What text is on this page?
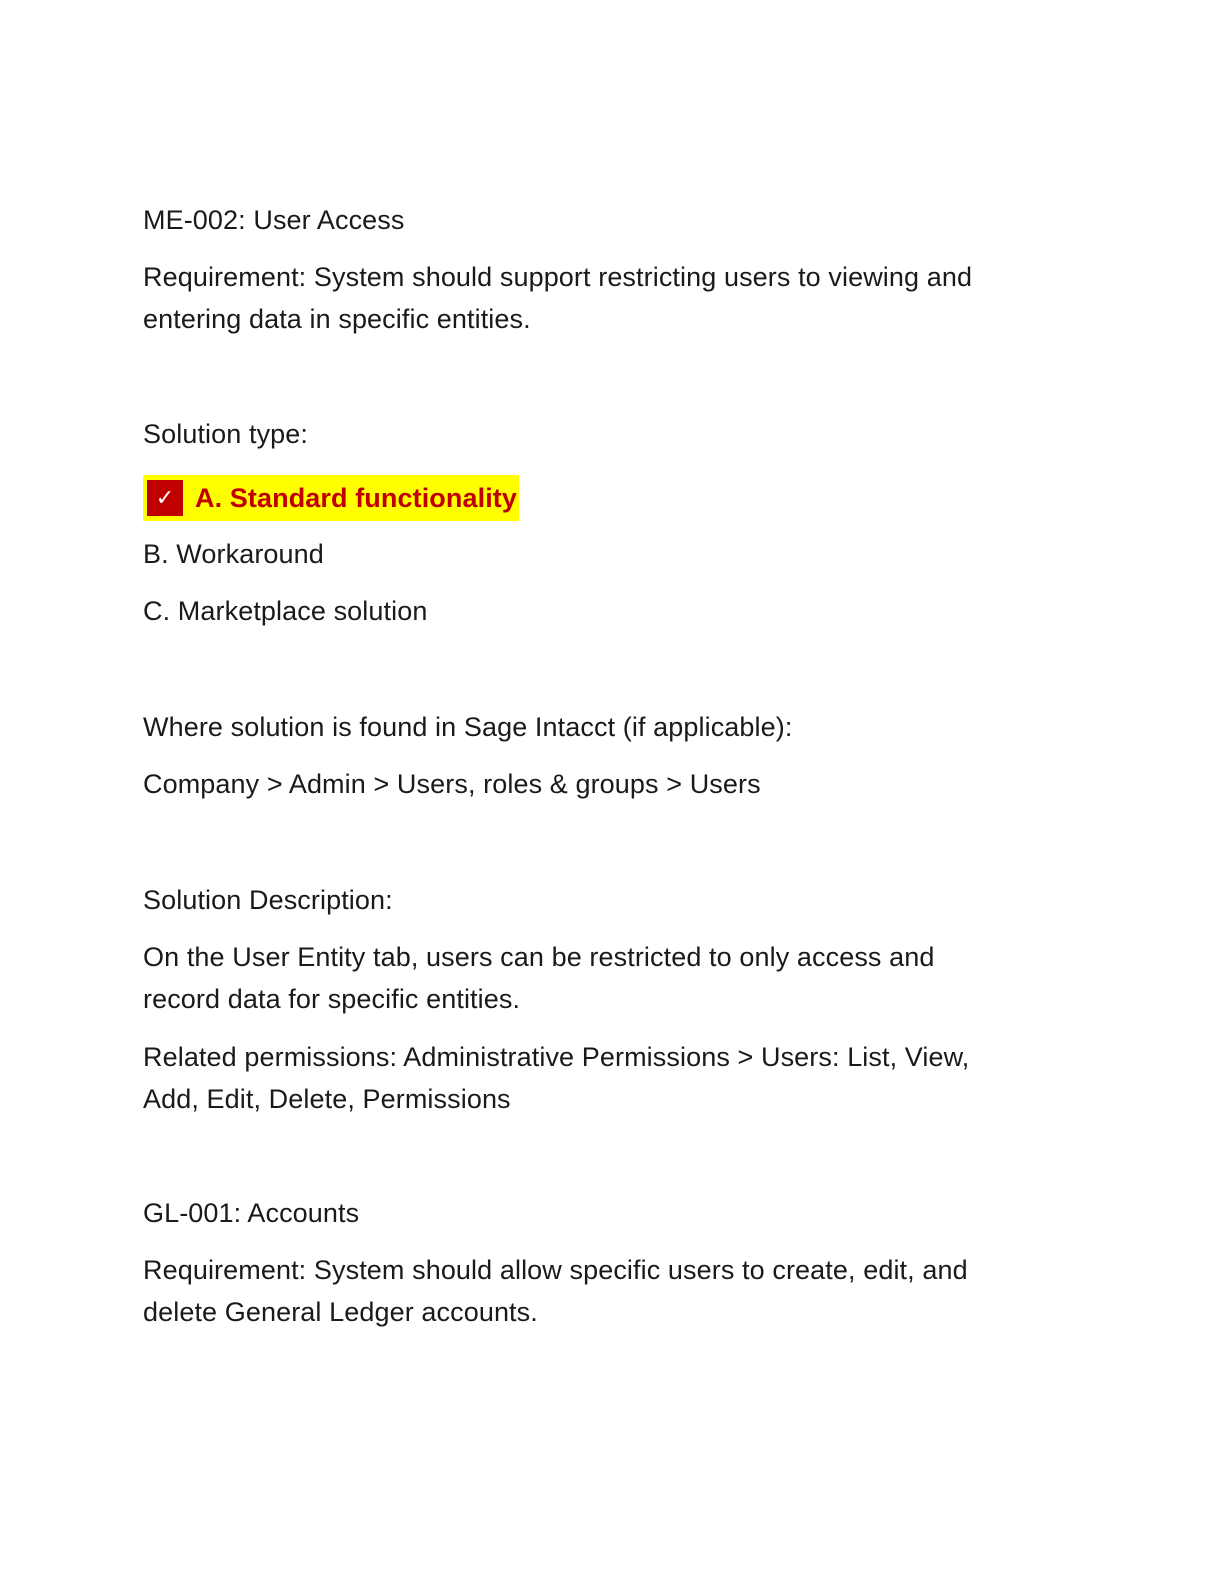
ME-002: User Access
Requirement: System should support restricting users to viewing and
entering data in specific entities.
Solution type:
✓ A. Standard functionality
B. Workaround
C. Marketplace solution
Where solution is found in Sage Intacct (if applicable):
Company > Admin > Users, roles & groups > Users
Solution Description:
On the User Entity tab, users can be restricted to only access and
record data for specific entities.
Related permissions: Administrative Permissions > Users: List, View,
Add, Edit, Delete, Permissions
GL-001: Accounts
Requirement: System should allow specific users to create, edit, and
delete General Ledger accounts.
